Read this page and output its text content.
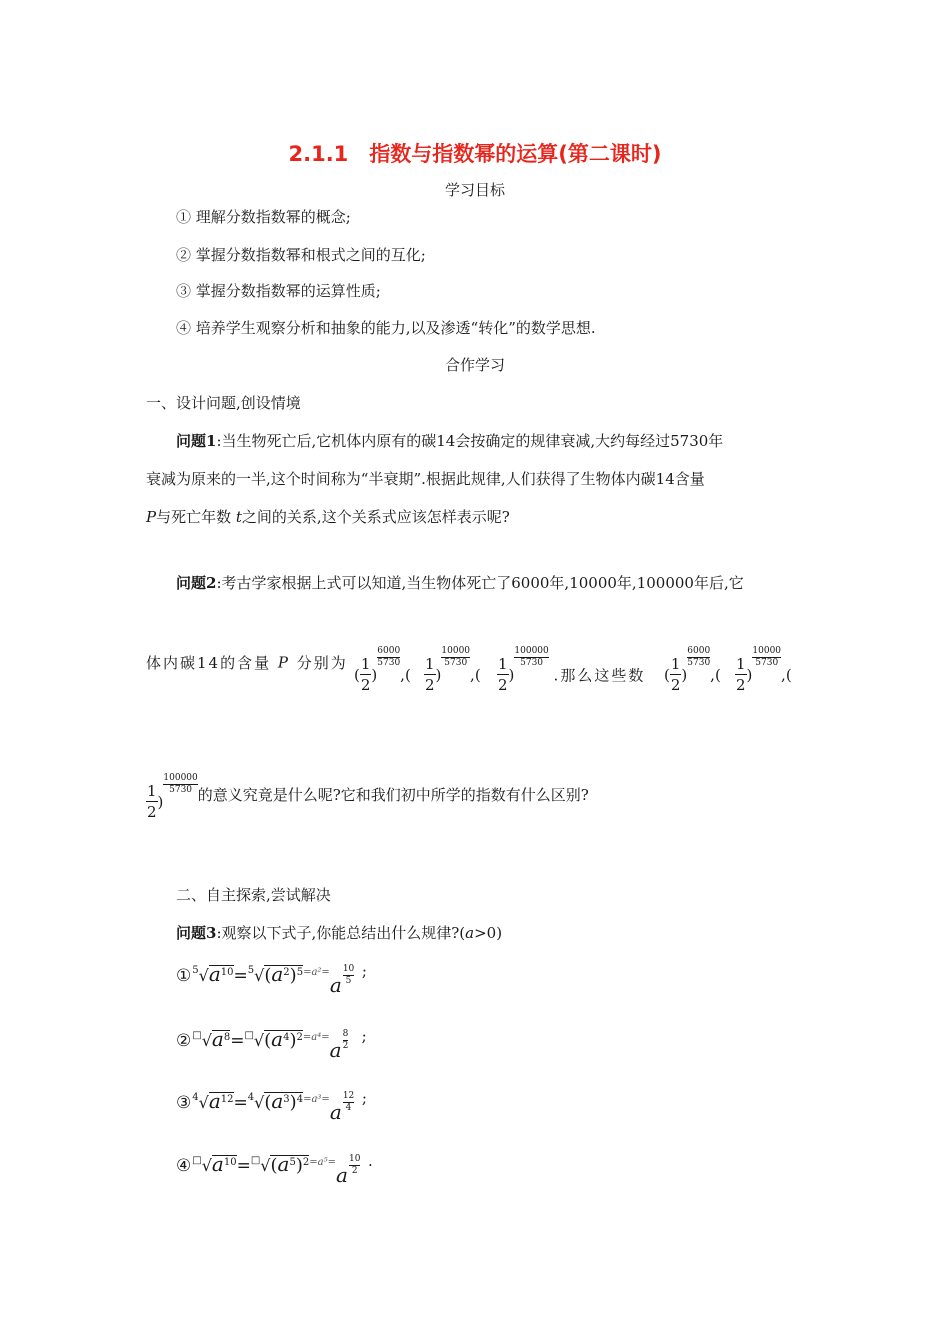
2.1.1　指数与指数幂的运算(第二课时)
学习目标
① 理解分数指数幂的概念;
② 掌握分数指数幂和根式之间的互化;
③ 掌握分数指数幂的运算性质;
④ 培养学生观察分析和抽象的能力,以及渗透“转化”的数学思想.
合作学习
一、设计问题,创设情境
问题1:当生物死亡后,它机体内原有的碳14会按确定的规律衰减,大约每经过5730年
衰减为原来的一半,这个时间称为“半衰期”.根据此规律,人们获得了生物体内碳14含量
P与死亡年数 t之间的关系,这个关系式应该怎样表示呢?
问题2:考古学家根据上式可以知道,当生物体死亡了6000年,10000年,100000年后,它
体内碳14的含量 P 分别为
( $\frac{1}{2}$ )
$\frac{6000}{5730}$
,( $\frac{1}{2}$ )
$\frac{10000}{5730}$
,( $\frac{1}{2}$ )
$\frac{100000}{5730}$
.那么这些数 ( $\frac{1}{2}$ )
$\frac{6000}{5730}$
,( $\frac{1}{2}$ )
$\frac{10000}{5730}$
,(
$\frac{1}{2}$ )
$\frac{100000}{5730}$ 的意义究竟是什么呢?它和我们初中所学的指数有什么区别?
二、自主探索,尝试解决
问题3:观察以下式子,你能总结出什么规律?(a>0)
$①^5√a^{10}=^5√(a^2)^{5=a^2=}$
a $\frac{10}{5}$ ;
$②^□√a^8=^□√(a^4)^{2=a^4=}$
a $\frac{8}{2}$ ;
$③^4√a^{12}=^4√(a^3)^{4=a^3=}$
a $\frac{12}{4}$ ;
$④^□√a^{10}=^□√(a^5)^{2=a^5=}$
a $\frac{10}{2}$ .
